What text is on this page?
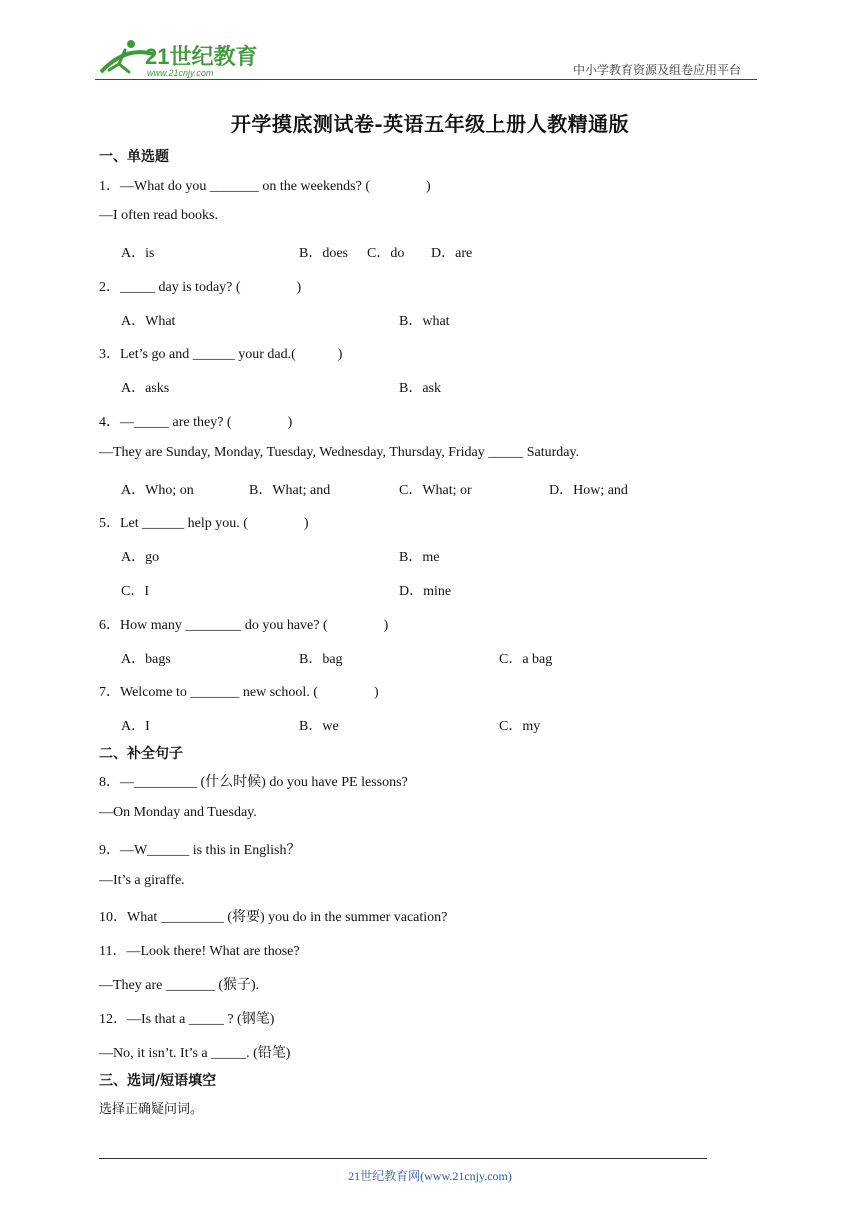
21世纪教育
www.21cnjy.com	中小学教育资源及组卷应用平台
开学摸底测试卷-英语五年级上册人教精通版
一、单选题
1．—What do you _______ on the weekends? (　　　　)
—I often read books.
A．is	B．does C．do D．are
2．_____ day is today? (　　　　)
A．What	B．what
3．Let’s go and ______ your dad.(　　　)
A．asks	B．ask
4．—_____ are they? (　　　　)
—They are Sunday, Monday, Tuesday, Wednesday, Thursday, Friday _____ Saturday.
A．Who; on	B．What; and	C．What; or	D．How; and
5．Let ______ help you. (　　　　)
A．go	B．me
C．I	D．mine
6．How many ________ do you have? (　　　　)
A．bags	B．bag	C．a bag
7．Welcome to _______ new school. (　　　　)
A．I	B．we	C．my
二、补全句子
8．—_________ (什么时候) do you have PE lessons?
—On Monday and Tuesday.
9．—W______ is this in English？
—It’s a giraffe.
10．What _________ (将要) you do in the summer vacation?
11．—Look there! What are those?
—They are _______ (猴子).
12．—Is that a _____ ? (钢笔)
—No, it isn’t. It’s a _____. (铅笔)
三、选词/短语填空
选择正确疑问词。
21世纪教育网(www.21cnjy.com)
